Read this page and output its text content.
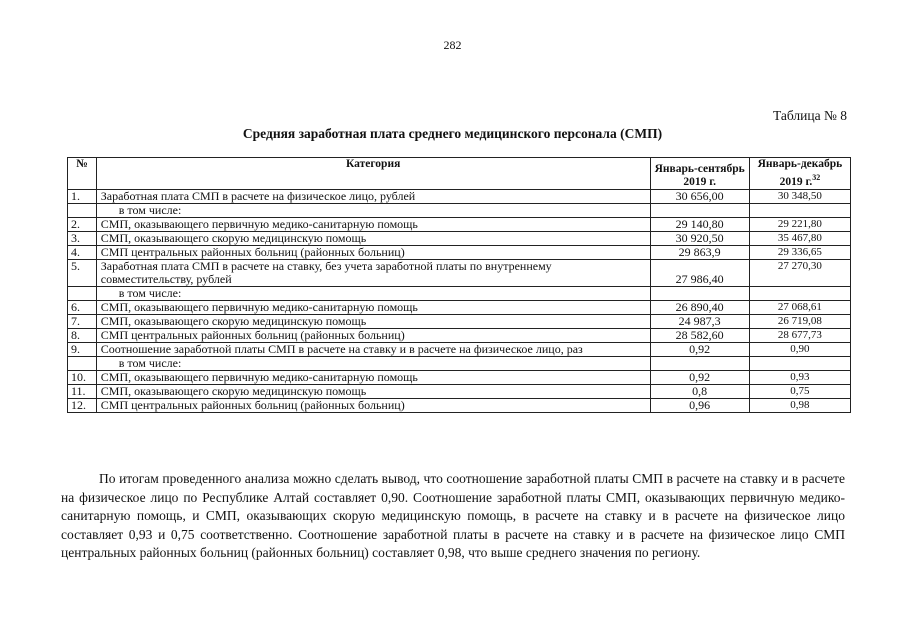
282
Таблица № 8
Средняя заработная плата среднего медицинского персонала (СМП)
№	Категория	Январь-сентябрь 2019 г.	Январь-декабрь 2019 г.$^{32}$
1.	Заработная плата СМП в расчете на физическое лицо, рублей	30 656,00	30 348,50
	в том числе:		
2.	СМП, оказывающего первичную медико-санитарную помощь	29 140,80	29 221,80
3.	СМП, оказывающего скорую медицинскую помощь	30 920,50	35 467,80
4.	СМП центральных районных больниц (районных больниц)	29 863,9	29 336,65
5.	Заработная плата СМП в расчете на ставку, без учета заработной платы по внутреннему совместительству, рублей	27 986,40	27 270,30
	в том числе:		
6.	СМП, оказывающего первичную медико-санитарную помощь	26 890,40	27 068,61
7.	СМП, оказывающего скорую медицинскую помощь	24 987,3	26 719,08
8.	СМП центральных районных больниц (районных больниц)	28 582,60	28 677,73
9.	Соотношение заработной платы СМП в расчете на ставку и в расчете на физическое лицо, раз	0,92	0,90
	в том числе:		
10.	СМП, оказывающего первичную медико-санитарную помощь	0,92	0,93
11.	СМП, оказывающего скорую медицинскую помощь	0,8	0,75
12.	СМП центральных районных больниц (районных больниц)	0,96	0,98
По итогам проведенного анализа можно сделать вывод, что соотношение заработной платы СМП в расчете на ставку и в расчете на физическое лицо по Республике Алтай составляет 0,90. Соотношение заработной платы СМП, оказывающих первичную медико-санитарную помощь, и СМП, оказывающих скорую медицинскую помощь, в расчете на ставку и в расчете на физическое лицо составляет 0,93 и 0,75 соответственно. Соотношение заработной платы в расчете на ставку и в расчете на физическое лицо СМП центральных районных больниц (районных больниц) составляет 0,98, что выше среднего значения по региону.
